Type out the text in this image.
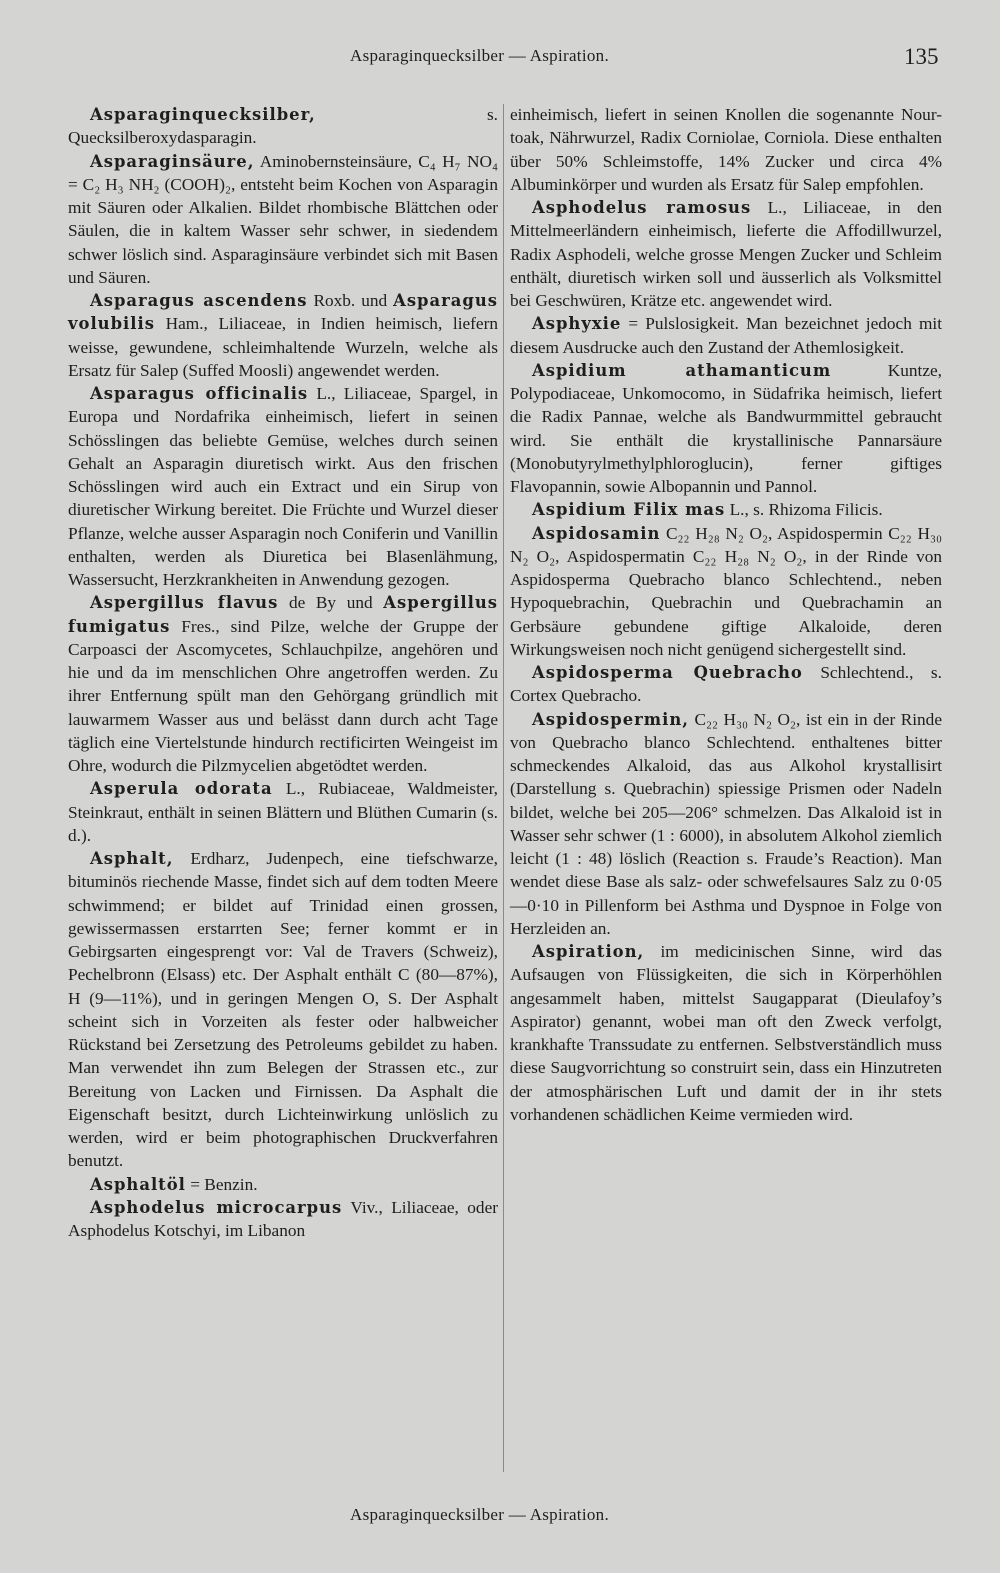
Asparaginquecksilber — Aspiration.	135

Asparaginquecksilber, s. Quecksilberoxydasparagin.

Asparaginsäure, Aminobernsteinsäure, C₄ H₇ NO₄ = C₂ H₃ NH₂ (COOH)₂, entsteht beim Kochen von Asparagin mit Säuren oder Alkalien. Bildet rhombische Blättchen oder Säulen, die in kaltem Wasser sehr schwer, in siedendem schwer löslich sind. Asparaginsäure verbindet sich mit Basen und Säuren.

Asparagus ascendens Roxb. und Asparagus volubilis Ham., Liliaceae, in Indien heimisch, liefern weisse, gewundene, schleimhaltende Wurzeln, welche als Ersatz für Salep (Suffed Moosli) angewendet werden.

Asparagus officinalis L., Liliaceae, Spargel, in Europa und Nordafrika einheimisch, liefert in seinen Schösslingen das beliebte Gemüse, welches durch seinen Gehalt an Asparagin diuretisch wirkt. Aus den frischen Schösslingen wird auch ein Extract und ein Sirup von diuretischer Wirkung bereitet. Die Früchte und Wurzel dieser Pflanze, welche ausser Asparagin noch Coniferin und Vanillin enthalten, werden als Diuretica bei Blasenlähmung, Wassersucht, Herzkrankheiten in Anwendung gezogen.

Aspergillus flavus de By und Aspergillus fumigatus Fres., sind Pilze, welche der Gruppe der Carpoasci der Ascomycetes, Schlauchpilze, angehören und hie und da im menschlichen Ohre angetroffen werden. Zu ihrer Entfernung spült man den Gehörgang gründlich mit lauwarmem Wasser aus und belässt dann durch acht Tage täglich eine Viertelstunde hindurch rectificirten Weingeist im Ohre, wodurch die Pilzmycelien abgetödtet werden.

Asperula odorata L., Rubiaceae, Waldmeister, Steinkraut, enthält in seinen Blättern und Blüthen Cumarin (s. d.).

Asphalt, Erdharz, Judenpech, eine tiefschwarze, bituminös riechende Masse, findet sich auf dem todten Meere schwimmend; er bildet auf Trinidad einen grossen, gewissermassen erstarrten See; ferner kommt er in Gebirgsarten eingesprengt vor: Val de Travers (Schweiz), Pechelbronn (Elsass) etc. Der Asphalt enthält C (80—87%), H (9—11%), und in geringen Mengen O, S. Der Asphalt scheint sich in Vorzeiten als fester oder halbweicher Rückstand bei Zersetzung des Petroleums gebildet zu haben. Man verwendet ihn zum Belegen der Strassen etc., zur Bereitung von Lacken und Firnissen. Da Asphalt die Eigenschaft besitzt, durch Lichteinwirkung unlöslich zu werden, wird er beim photographischen Druckverfahren benutzt.

Asphaltöl = Benzin.

Asphodelus microcarpus Viv., Liliaceae, oder Asphodelus Kotschyi, im Libanon

einheimisch, liefert in seinen Knollen die sogenannte Nour-toak, Nährwurzel, Radix Corniolae, Corniola. Diese enthalten über 50% Schleimstoffe, 14% Zucker und circa 4% Albuminkörper und wurden als Ersatz für Salep empfohlen.

Asphodelus ramosus L., Liliaceae, in den Mittelmeerländern einheimisch, lieferte die Affodillwurzel, Radix Asphodeli, welche grosse Mengen Zucker und Schleim enthält, diuretisch wirken soll und äusserlich als Volksmittel bei Geschwüren, Krätze etc. angewendet wird.

Asphyxie = Pulslosigkeit. Man bezeichnet jedoch mit diesem Ausdrucke auch den Zustand der Athemlosigkeit.

Aspidium athamanticum Kuntze, Polypodiaceae, Unkomocomo, in Südafrika heimisch, liefert die Radix Pannae, welche als Bandwurmmittel gebraucht wird. Sie enthält die krystallinische Pannarsäure (Monobutyrylmethylphloroglucin), ferner giftiges Flavopannin, sowie Albopannin und Pannol.

Aspidium Filix mas L., s. Rhizoma Filicis.

Aspidosamin C₂₂ H₂₈ N₂ O₂, Aspidospermin C₂₂ H₃₀ N₂ O₂, Aspidospermatin C₂₂ H₂₈ N₂ O₂, in der Rinde von Aspidosperma Quebracho blanco Schlechtend., neben Hypoquebrachin, Quebrachin und Quebrachamin an Gerbsäure gebundene giftige Alkaloide, deren Wirkungsweisen noch nicht genügend sichergestellt sind.

Aspidosperma Quebracho Schlechtend., s. Cortex Quebracho.

Aspidospermin, C₂₂ H₃₀ N₂ O₂, ist ein in der Rinde von Quebracho blanco Schlechtend. enthaltenes bitter schmeckendes Alkaloid, das aus Alkohol krystallisirt (Darstellung s. Quebrachin) spiessige Prismen oder Nadeln bildet, welche bei 205—206° schmelzen. Das Alkaloid ist in Wasser sehr schwer (1 : 6000), in absolutem Alkohol ziemlich leicht (1 : 48) löslich (Reaction s. Fraude’s Reaction). Man wendet diese Base als salz- oder schwefelsaures Salz zu 0·05—0·10 in Pillenform bei Asthma und Dyspnoe in Folge von Herzleiden an.

Aspiration, im medicinischen Sinne, wird das Aufsaugen von Flüssigkeiten, die sich in Körperhöhlen angesammelt haben, mittelst Saugapparat (Dieulafoy’s Aspirator) genannt, wobei man oft den Zweck verfolgt, krankhafte Transsudate zu entfernen. Selbstverständlich muss diese Saugvorrichtung so construirt sein, dass ein Hinzutreten der atmosphärischen Luft und damit der in ihr stets vorhandenen schädlichen Keime vermieden wird.

Asparaginquecksilber — Aspiration.
